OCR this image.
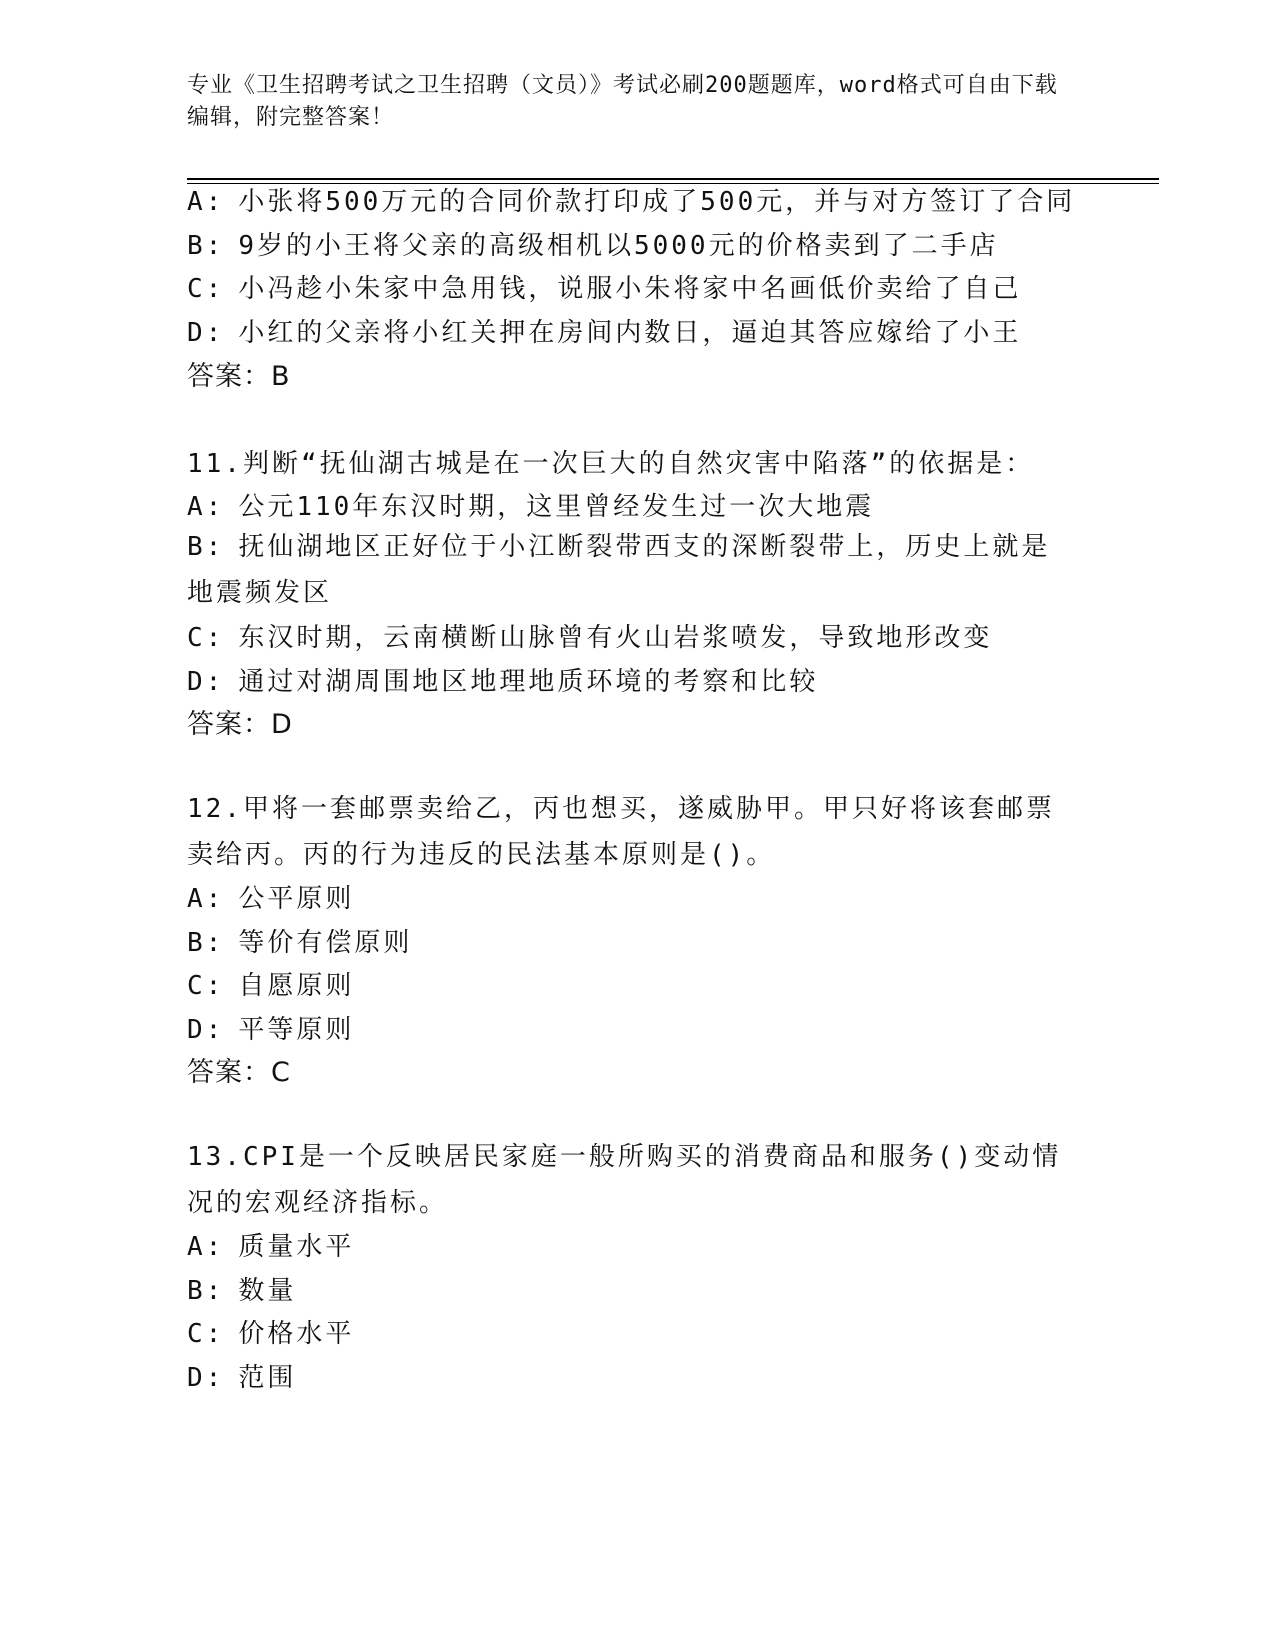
专业《卫生招聘考试之卫生招聘（文员）》考试必刷200题题库，word格式可自由下载编辑，附完整答案！
A: 小张将500万元的合同价款打印成了500元，并与对方签订了合同
B: 9岁的小王将父亲的高级相机以5000元的价格卖到了二手店
C: 小冯趁小朱家中急用钱，说服小朱将家中名画低价卖给了自己
D: 小红的父亲将小红关押在房间内数日，逼迫其答应嫁给了小王
答案：B
11.判断“抚仙湖古城是在一次巨大的自然灾害中陷落”的依据是：
A: 公元110年东汉时期，这里曾经发生过一次大地震
B: 抚仙湖地区正好位于小江断裂带西支的深断裂带上，历史上就是地震频发区
C: 东汉时期，云南横断山脉曾有火山岩浆喷发，导致地形改变
D: 通过对湖周围地区地理地质环境的考察和比较
答案：D
12.甲将一套邮票卖给乙，丙也想买，遂威胁甲。甲只好将该套邮票卖给丙。丙的行为违反的民法基本原则是()。
A: 公平原则
B: 等价有偿原则
C: 自愿原则
D: 平等原则
答案：C
13.CPI是一个反映居民家庭一般所购买的消费商品和服务()变动情况的宏观经济指标。
A: 质量水平
B: 数量
C: 价格水平
D: 范围
